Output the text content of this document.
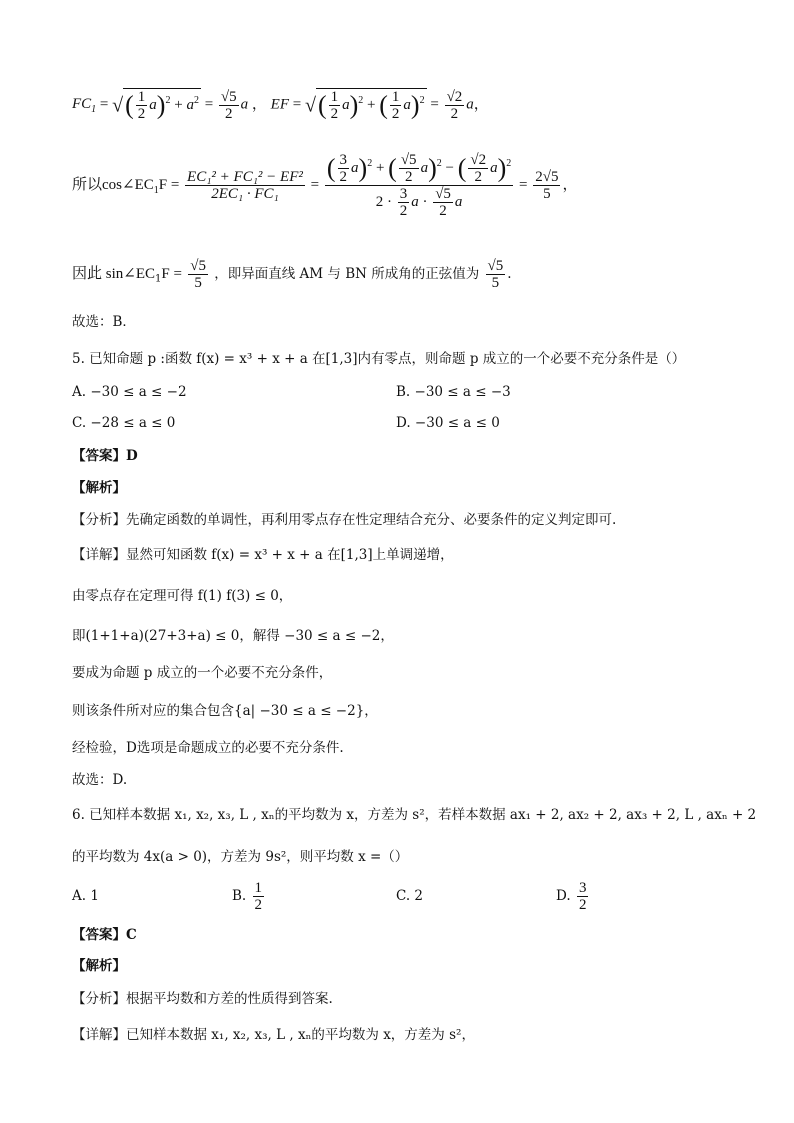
$FC_1$ = √( $\frac{1}{2} a)^2 + a^2 = \frac{√5}{2}$ a ， EF = √( $\frac{1}{2} a)^2$ + ( $\frac{1}{2} a)^2 = \frac{√2}{2}$ a，
所以$\cos\angle EC_1F = \frac{\text{EC₁² + FC₁² − EF²}}{\text{2EC₁ · FC₁}} = \frac{( \frac{3}{2} a)^2 + ( \frac{√5}{2} a)^2 - ( \frac{√2}{2} a)^2}{2 \cdot \frac{3}{2} a \cdot \frac{√5}{2} a} = \frac{2√5}{5}$ ，
因此 $\sin\angle EC_1F = \frac{√5}{5}$ ，即异面直线 AM 与 BN 所成角的正弦值为 $\frac{√5}{5}$ .
故选：B．
5. 已知命题 p :函数 f(x) = x³ + x + a 在[1,3]内有零点，则命题 p 成立的一个必要不充分条件是（）
A. −30 ≤ a ≤ −2	B. −30 ≤ a ≤ −3
C. −28 ≤ a ≤ 0	D. −30 ≤ a ≤ 0
【答案】D
【解析】
【分析】先确定函数的单调性，再利用零点存在性定理结合充分、必要条件的定义判定即可.
【详解】显然可知函数 f(x) = x³ + x + a 在[1,3]上单调递增，
由零点存在定理可得 f(1) f(3) ≤ 0，
即(1+1+a)(27+3+a) ≤ 0，解得 −30 ≤ a ≤ −2，
要成为命题 p 成立的一个必要不充分条件，
则该条件所对应的集合包含{a| −30 ≤ a ≤ −2}，
经检验，D选项是命题成立的必要不充分条件.
故选：D.
6. 已知样本数据 x₁, x₂, x₃, L , xₙ的平均数为 x，方差为 s²，若样本数据 ax₁ + 2, ax₂ + 2, ax₃ + 2, L , axₙ + 2
的平均数为 4x(a > 0)，方差为 9s²，则平均数 x =（）
A. 1	B. $\frac{1}{2}$	C. 2	D. $\frac{3}{2}$
【答案】C
【解析】
【分析】根据平均数和方差的性质得到答案.
【详解】已知样本数据 x₁, x₂, x₃, L , xₙ的平均数为 x，方差为 s²，
